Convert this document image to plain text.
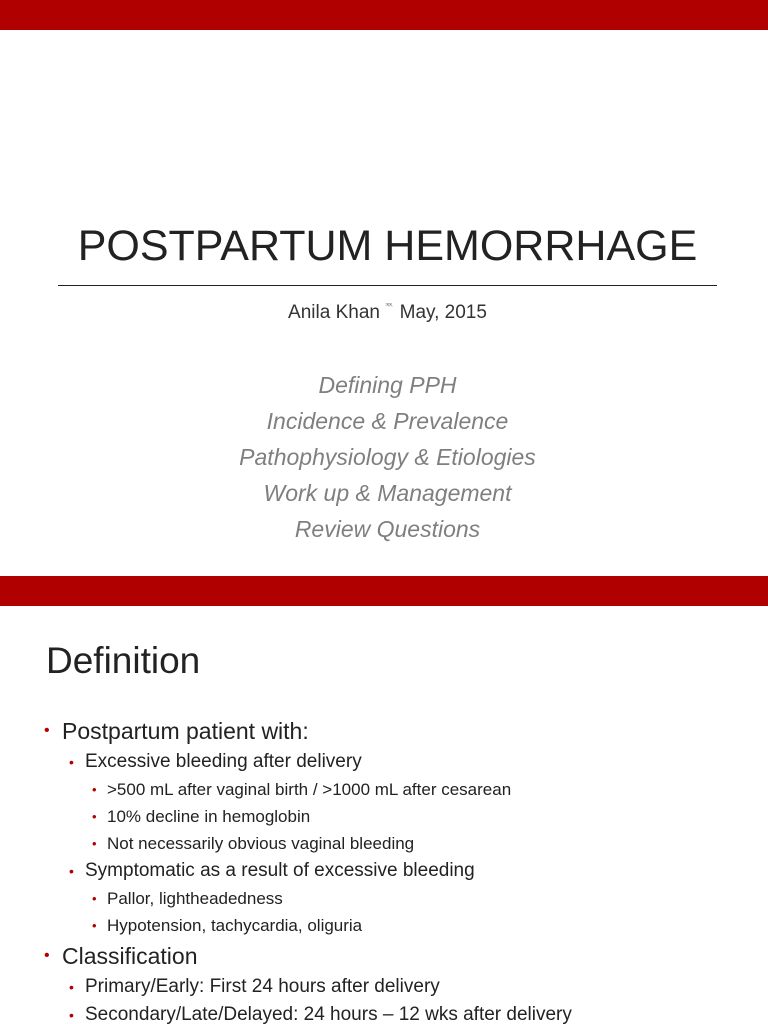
POSTPARTUM HEMORRHAGE
Anila Khan $^ᅑ$ May, 2015
Defining PPH
Incidence & Prevalence
Pathophysiology & Etiologies
Work up & Management
Review Questions
Definition
• Postpartum patient with:
• Excessive bleeding after delivery
• >500 mL after vaginal birth / >1000 mL after cesarean
• 10% decline in hemoglobin
• Not necessarily obvious vaginal bleeding
• Symptomatic as a result of excessive bleeding
• Pallor, lightheadedness
• Hypotension, tachycardia, oliguria
• Classification
• Primary/Early: First 24 hours after delivery
• Secondary/Late/Delayed: 24 hours – 12 wks after delivery
